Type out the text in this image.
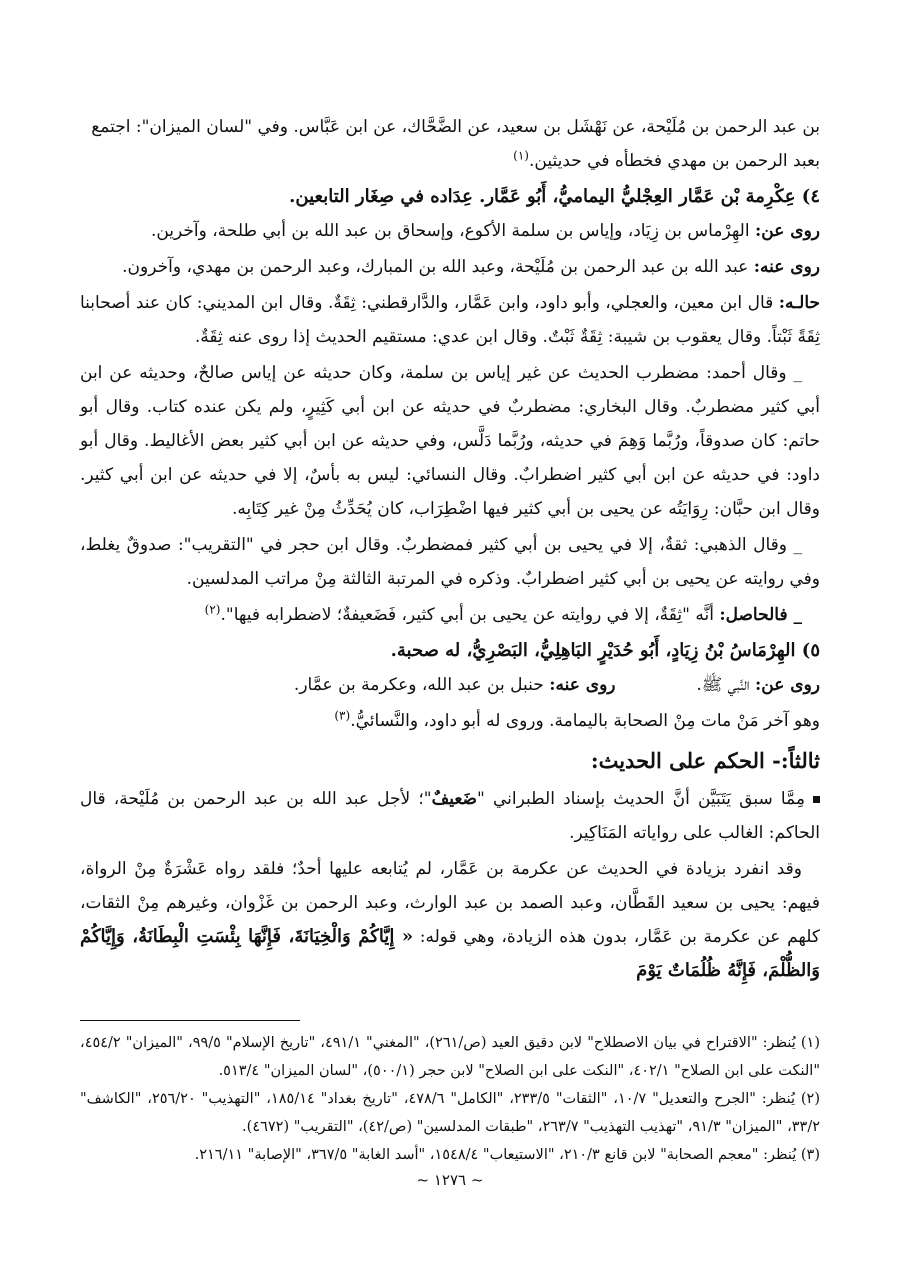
بن عبد الرحمن بن مُلَيْحة، عن نَهْشَل بن سعيد، عن الضَّحَّاك، عن ابن عَبَّاس. وفي "لسان الميزان": اجتمع
بعبد الرحمن بن مهدي فخطأه في حديثين.$^{(١)}$

٤) عِكْرِمة بْن عَمَّار العِجْليُّ اليماميُّ، أَبُو عَمَّار. عِدَاده في صِغَار التابعين.

روى عن: الهِرْماس بن زِيَاد، وإياس بن سلمة الأكوع، وإسحاق بن عبد الله بن أبي طلحة، وآخرين.

روى عنه: عبد الله بن عبد الرحمن بن مُلَيْحة، وعبد الله بن المبارك، وعبد الرحمن بن مهدي، وآخرون.

حالـه: قال ابن معين، والعجلي، وأبو داود، وابن عَمَّار، والدَّارقطني: ثِقَةٌ. وقال ابن المديني: كان عند أصحابنا ثِقَةً ثَبْتاً. وقال يعقوب بن شيبة: ثِقَةٌ ثَبْتٌ. وقال ابن عدي: مستقيم الحديث إذا روى عنه ثِقَةٌ.

_ وقال أحمد: مضطرب الحديث عن غير إياس بن سلمة، وكان حديثه عن إياس صالحٌ، وحديثه عن ابن أبي كثير مضطربٌ. وقال البخاري: مضطربٌ في حديثه عن ابن أبي كَثِيرٍ، ولم يكن عنده كتاب. وقال أبو حاتم: كان صدوقاً، ورُبَّما وَهِمَ في حديثه، ورُبَّما دَلَّس، وفي حديثه عن ابن أبي كثير بعض الأغاليط. وقال أبو داود: في حديثه عن ابن أبي كثير اضطرابٌ. وقال النسائي: ليس به بأسٌ، إلا في حديثه عن ابن أبي كثير. وقال ابن حبَّان: رِوَايَتُه عن يحيى بن أبي كثير فيها اضْطِرَاب، كان يُحَدِّثُ مِنْ غير كِتَابِه.

_ وقال الذهبي: ثقةٌ، إلا في يحيى بن أبي كثير فمضطربٌ. وقال ابن حجر في "التقريب": صدوقٌ يغلط، وفي روايته عن يحيى بن أبي كثير اضطرابٌ. وذكره في المرتبة الثالثة مِنْ مراتب المدلسين.

_ فالحاصل: أنَّه "ثِقَةٌ، إلا في روايته عن يحيى بن أبي كثير، فَضَعيفةٌ؛ لاضطرابه فيها".$^{(٢)}$

٥) الهِرْمَاسُ بْنُ زِيَادٍ، أَبُو حُدَيْرٍ البَاهِلِيُّ، البَصْرِيُّ، له صحبة.

روى عن: النَّبي ﷺ.  روى عنه: حنبل بن عبد الله، وعكرمة بن عمَّار.

وهو آخر مَنْ مات مِنْ الصحابة باليمامة. وروى له أبو داود، والنَّسائيُّ.$^{(٣)}$

ثالثاً:- الحكم على الحديث:

مِمَّا سبق يَتَبَيَّن أنَّ الحديث بإسناد الطبراني "ضَعيفٌ"؛ لأجل عبد الله بن عبد الرحمن بن مُلَيْحة، قال الحاكم: الغالب على رواياته المَنَاكِير.

وقد انفرد بزيادة في الحديث عن عكرمة بن عَمَّار، لم يُتابعه عليها أحدٌ؛ فلقد رواه عَشْرَةٌ مِنْ الرواة، فيهم: يحيى بن سعيد القَطَّان، وعبد الصمد بن عبد الوارث، وعبد الرحمن بن غَزْوان، وغيرهم مِنْ الثقات، كلهم عن عكرمة بن عَمَّار، بدون هذه الزيادة، وهي قوله: « إِيَّاكُمْ وَالْخِيَانَةَ، فَإِنَّهَا بِئْسَتِ الْبِطَانَةُ، وَإِيَّاكُمْ وَالظُّلْمَ، فَإِنَّهُ ظُلُمَاتٌ يَوْمَ

(١) يُنظر: "الاقتراح في بيان الاصطلاح" لابن دقيق العيد (ص/٢٦١)، "المغني" ٤٩١/١، "تاريخ الإسلام" ٩٩/٥، "الميزان" ٤٥٤/٢، "النكت على ابن الصلاح" ٤٠٢/١، "النكت على ابن الصلاح" لابن حجر (٥٠٠/١)، "لسان الميزان" ٥١٣/٤.

(٢) يُنظر: "الجرح والتعديل" ١٠/٧، "الثقات" ٢٣٣/٥، "الكامل" ٤٧٨/٦، "تاريخ بغداد" ١٨٥/١٤، "التهذيب" ٢٥٦/٢٠، "الكاشف" ٣٣/٢، "الميزان" ٩١/٣، "تهذيب التهذيب" ٢٦٣/٧، "طبقات المدلسين" (ص/٤٢)، "التقريب" (٤٦٧٢).

(٣) يُنظر: "معجم الصحابة" لابن قانع ٢١٠/٣، "الاستيعاب" ١٥٤٨/٤، "أسد الغابة" ٣٦٧/٥، "الإصابة" ٢١٦/١١.

~ ١٢٧٦ ~
